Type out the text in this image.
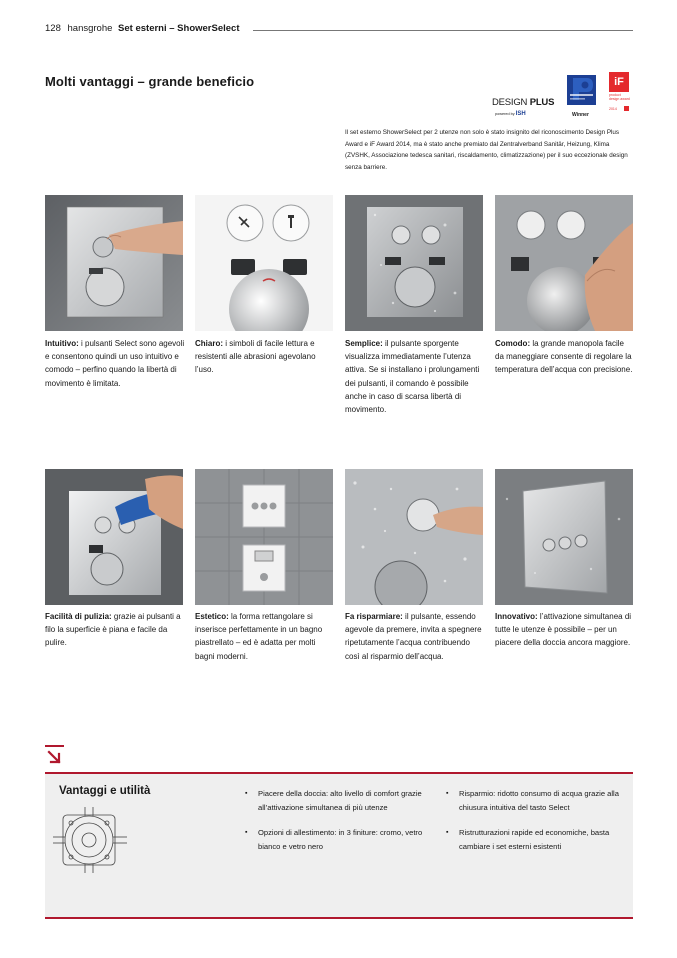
128 hansgrohe Set esterni – ShowerSelect
Molti vantaggi – grande beneficio
DESIGN PLUS
powered by ISH	Winner
iF
product
design award
2014

Il set esterno ShowerSelect per 2 utenze non solo è stato insignito del riconoscimento Design Plus Award e iF Award 2014, ma è stato anche premiato dal Zentralverband Sanitär, Heizung, Klima (ZVSHK, Associazione tedesca sanitari, riscaldamento, climatizzazione) per il suo eccezionale design senza barriere.

Intuitivo: i pulsanti Select sono agevoli e consentono quindi un uso intuitivo e comodo – perfino quando la libertà di movimento è limitata.

Chiaro: i simboli di facile lettura e resistenti alle abrasioni agevolano l’uso.

Semplice: il pulsante sporgente visualizza immediatamente l’utenza attiva. Se si installano i prolungamenti dei pulsanti, il comando è possibile anche in caso di scarsa libertà di movimento.

Comodo: la grande manopola facile da maneggiare consente di regolare la temperatura dell’acqua con precisione.

Facilità di pulizia: grazie ai pulsanti a filo la superficie è piana e facile da pulire.

Estetico: la forma rettangolare si inserisce perfettamente in un bagno piastrellato – ed è adatta per molti bagni moderni.

Fa risparmiare: il pulsante, essendo agevole da premere, invita a spegnere ripetutamente l’acqua contribuendo così al risparmio dell’acqua.

Innovativo: l’attivazione simultanea di tutte le utenze è possibile – per un piacere della doccia ancora maggiore.

Vantaggi e utilità
▪	Piacere della doccia: alto livello di comfort grazie all’attivazione simultanea di più utenze
▪ Opzioni di allestimento: in 3 finiture: cromo, vetro bianco e vetro nero
▪ Risparmio: ridotto consumo di acqua grazie alla chiusura intuitiva del tasto Select
▪ Ristrutturazioni rapide ed economiche, basta cambiare i set esterni esistenti
